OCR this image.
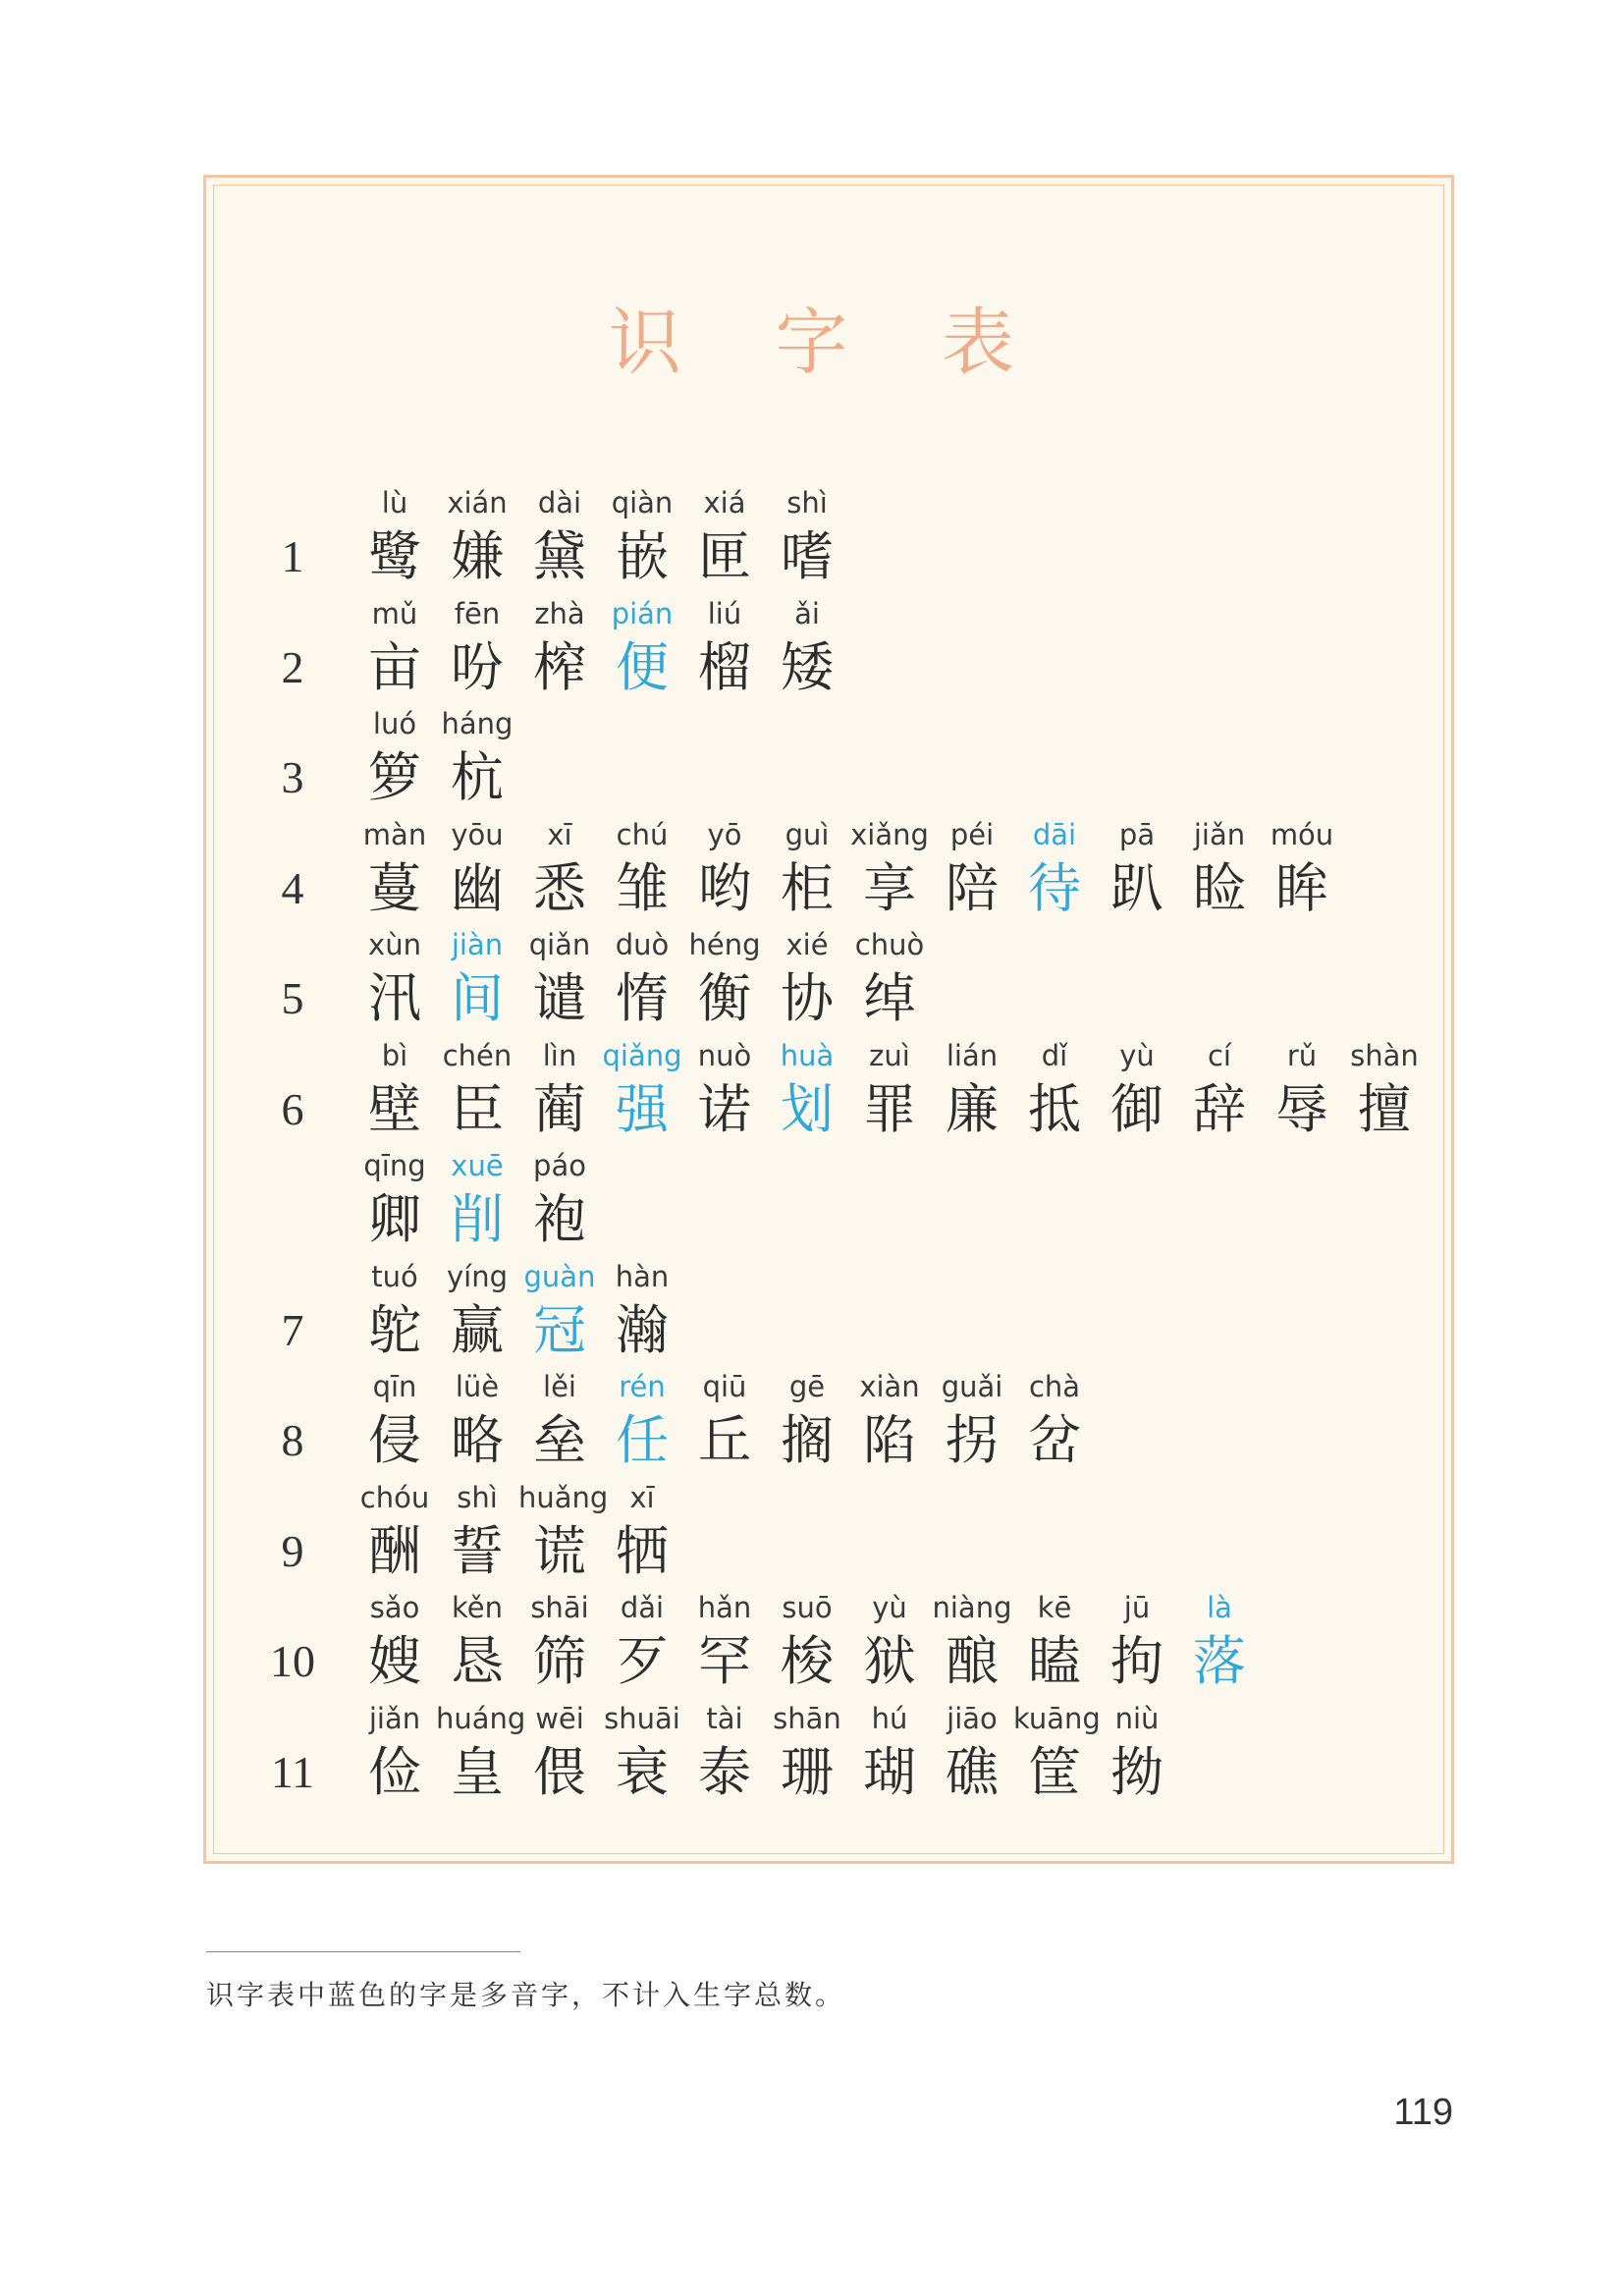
识 字 表
1
lù
鹭
xián
嫌
dài
黛
qiàn
嵌
xiá
匣
shì
嗜
2
mǔ
亩
fēn
吩
zhà
榨
pián
便
liú
榴
ǎi
矮
3
luó
箩
háng
杭
4
màn
蔓
yōu
幽
xī
悉
chú
雏
yō
哟
guì
柜
xiǎng
享
péi
陪
dāi
待
pā
趴
jiǎn
睑
móu
眸
5
xùn
汛
jiàn
间
qiǎn
谴
duò
惰
héng
衡
xié
协
chuò
绰
6
bì
壁
chén
臣
lìn
蔺
qiǎng
强
nuò
诺
huà
划
zuì
罪
lián
廉
dǐ
抵
yù
御
cí
辞
rǔ
辱
shàn
擅
qīng
卿
xuē
削
páo
袍
7
tuó
鸵
yíng
赢
guàn
冠
hàn
瀚
8
qīn
侵
lüè
略
lěi
垒
rén
任
qiū
丘
gē
搁
xiàn
陷
guǎi
拐
chà
岔
9
chóu
酬
shì
誓
huǎng
谎
xī
牺
10
sǎo
嫂
kěn
恳
shāi
筛
dǎi
歹
hǎn
罕
suō
梭
yù
狱
niàng
酿
kē
瞌
jū
拘
là
落
11
jiǎn
俭
huáng
皇
wēi
偎
shuāi
衰
tài
泰
shān
珊
hú
瑚
jiāo
礁
kuāng
筐
niù
拗
识字表中蓝色的字是多音字，不计入生字总数。
119
